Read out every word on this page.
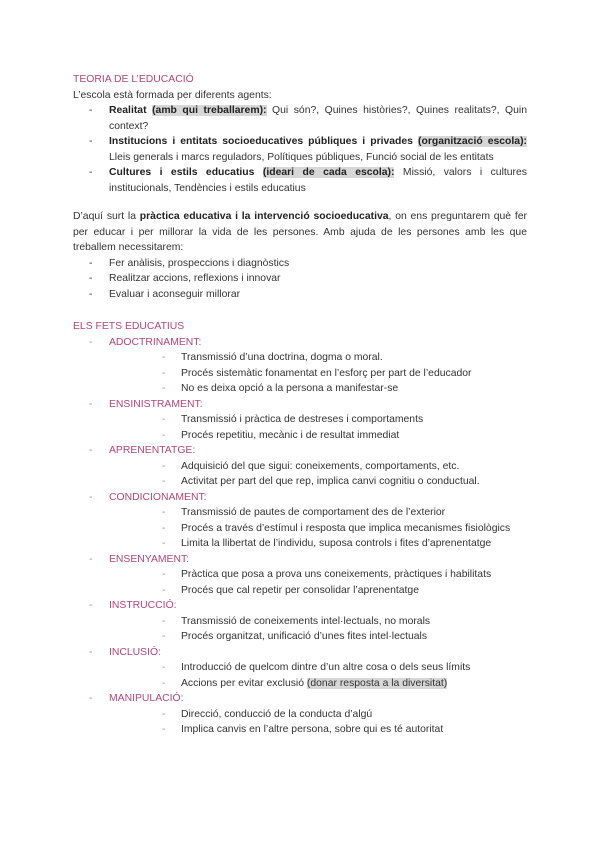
TEORIA DE L’EDUCACIÓ

L’escola està formada per diferents agents:

- Realitat (amb qui treballarem): Qui són?, Quines històries?, Quines realitats?, Quin context?
- Institucions i entitats socioeducatives públiques i privades (organització escola): Lleis generals i marcs reguladors, Polítiques públiques, Funció social de les entitats
- Cultures i estils educatius (ideari de cada escola): Missió, valors i cultures institucionals, Tendències i estils educatius

D’aquí surt la pràctica educativa i la intervenció socioeducativa, on ens preguntarem què fer per educar i per millorar la vida de les persones. Amb ajuda de les persones amb les que treballem necessitarem:

- Fer anàlisis, prospeccions i diagnòstics
- Realitzar accions, reflexions i innovar
- Evaluar i aconseguir millorar

ELS FETS EDUCATIUS

- ADOCTRINAMENT:
- Transmissió d’una doctrina, dogma o moral.
- Procés sistemàtic fonamentat en l’esforç per part de l’educador
- No es deixa opció a la persona a manifestar-se
- ENSINISTRAMENT:
- Transmissió i pràctica de destreses i comportaments
- Procés repetitiu, mecànic i de resultat immediat
- APRENENTATGE:
- Adquisició del que sigui: coneixements, comportaments, etc.
- Activitat per part del que rep, implica canvi cognitiu o conductual.
- CONDICIONAMENT:
- Transmissió de pautes de comportament des de l’exterior
- Procés a través d’estímul i resposta que implica mecanismes fisiològics
- Limita la llibertat de l’individu, suposa controls i fites d’aprenentatge
- ENSENYAMENT:
- Pràctica que posa a prova uns coneixements, pràctiques i habilitats
- Procés que cal repetir per consolidar l’aprenentatge
- INSTRUCCIÓ:
- Transmissió de coneixements intel·lectuals, no morals
- Procés organitzat, unificació d’unes fites intel·lectuals
- INCLUSIÓ:
- Introducció de quelcom dintre d’un altre cosa o dels seus límits
- Accions per evitar exclusió (donar resposta a la diversitat)
- MANIPULACIÓ:
- Direcció, conducció de la conducta d’algú
- Implica canvis en l’altre persona, sobre qui es té autoritat
